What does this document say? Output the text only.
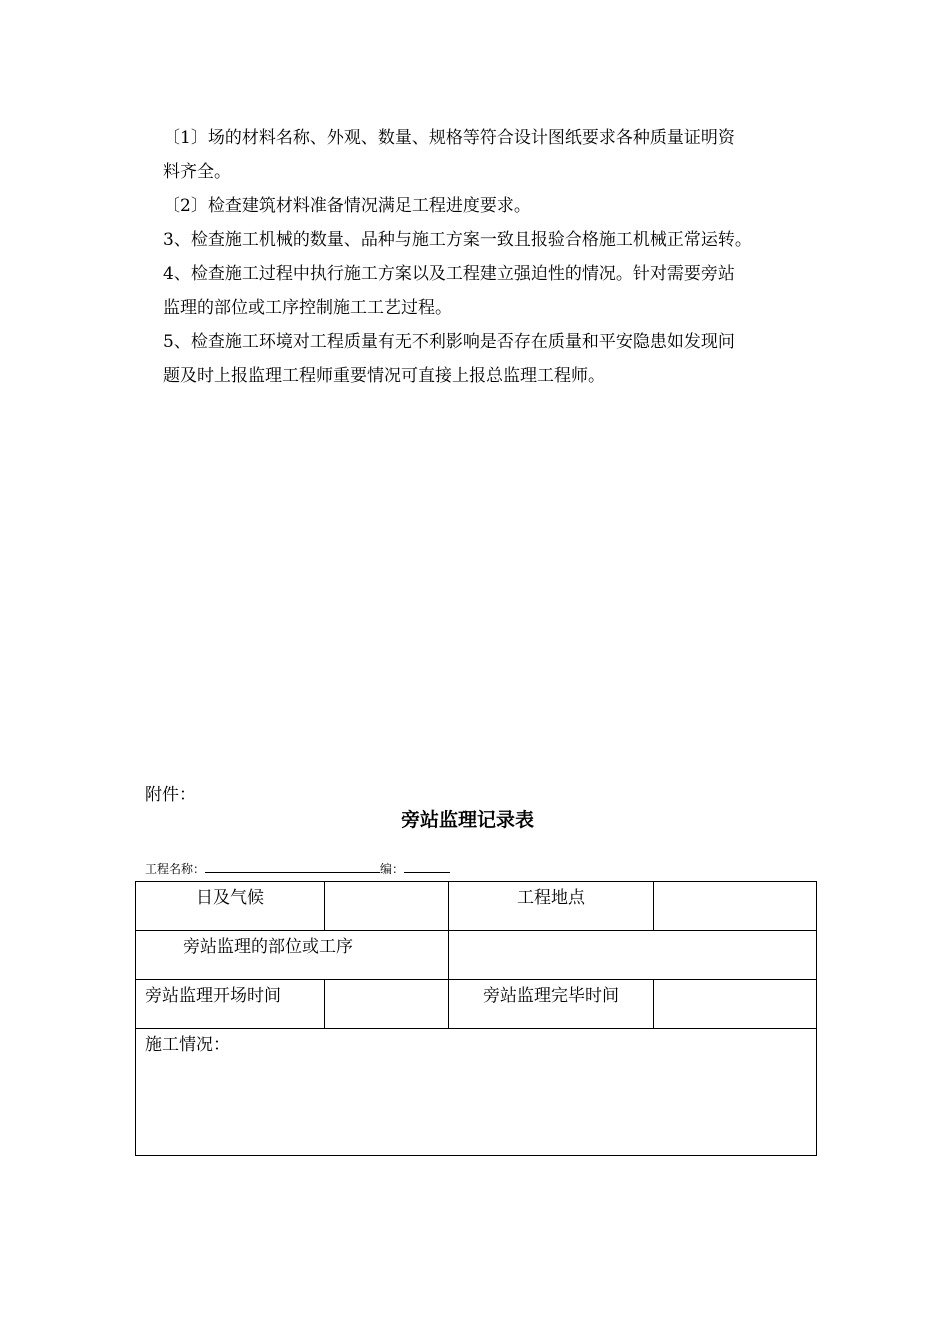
〔1〕场的材料名称、外观、数量、规格等符合设计图纸要求各种质量证明资

料齐全。

〔2〕检查建筑材料准备情况满足工程进度要求。

3、检查施工机械的数量、品种与施工方案一致且报验合格施工机械正常运转。

4、检查施工过程中执行施工方案以及工程建立强迫性的情况。针对需要旁站

监理的部位或工序控制施工工艺过程。

5、检查施工环境对工程质量有无不利影响是否存在质量和平安隐患如发现问

题及时上报监理工程师重要情况可直接上报总监理工程师。

附件：
旁站监理记录表
工程名称：	编：
日及气候		工程地点	
旁站监理的部位或工序			
旁站监理开场时间		旁站监理完毕时间	
施工情况：			
